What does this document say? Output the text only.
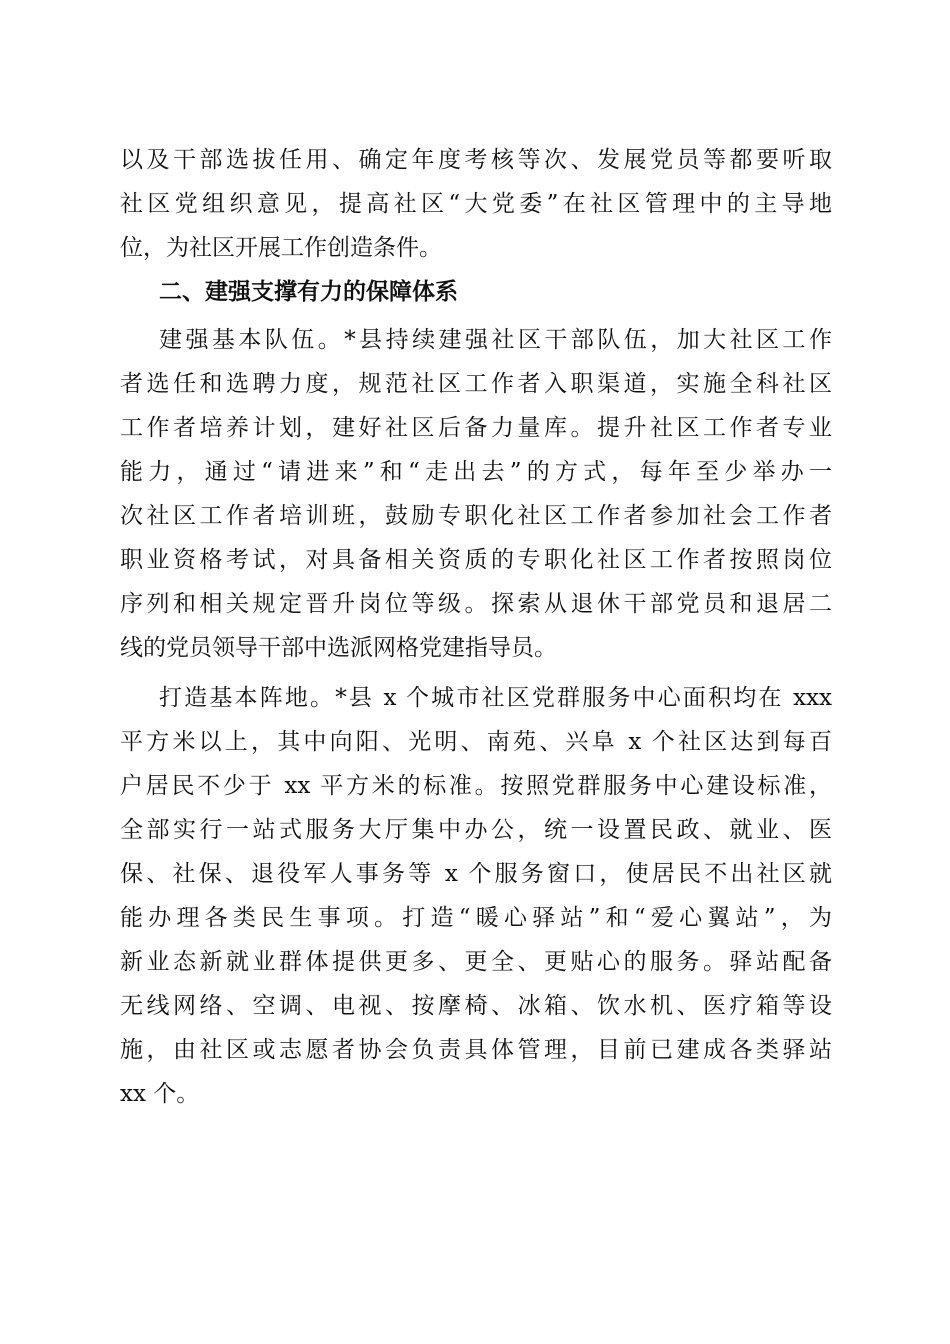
以及干部选拔任用、确定年度考核等次、发展党员等都要听取
社区党组织意见，提高社区“大党委”在社区管理中的主导地
位，为社区开展工作创造条件。
二、建强支撑有力的保障体系
建强基本队伍。*县持续建强社区干部队伍，加大社区工作
者选任和选聘力度，规范社区工作者入职渠道，实施全科社区
工作者培养计划，建好社区后备力量库。提升社区工作者专业
能力，通过“请进来”和“走出去”的方式，每年至少举办一
次社区工作者培训班，鼓励专职化社区工作者参加社会工作者
职业资格考试，对具备相关资质的专职化社区工作者按照岗位
序列和相关规定晋升岗位等级。探索从退休干部党员和退居二
线的党员领导干部中选派网格党建指导员。
打造基本阵地。*县 x 个城市社区党群服务中心面积均在 xxx
平方米以上，其中向阳、光明、南苑、兴阜 x 个社区达到每百
户居民不少于 xx 平方米的标准。按照党群服务中心建设标准，
全部实行一站式服务大厅集中办公，统一设置民政、就业、医
保、社保、退役军人事务等 x 个服务窗口，使居民不出社区就
能办理各类民生事项。打造“暖心驿站”和“爱心翼站”，为
新业态新就业群体提供更多、更全、更贴心的服务。驿站配备
无线网络、空调、电视、按摩椅、冰箱、饮水机、医疗箱等设
施，由社区或志愿者协会负责具体管理，目前已建成各类驿站
xx 个。
